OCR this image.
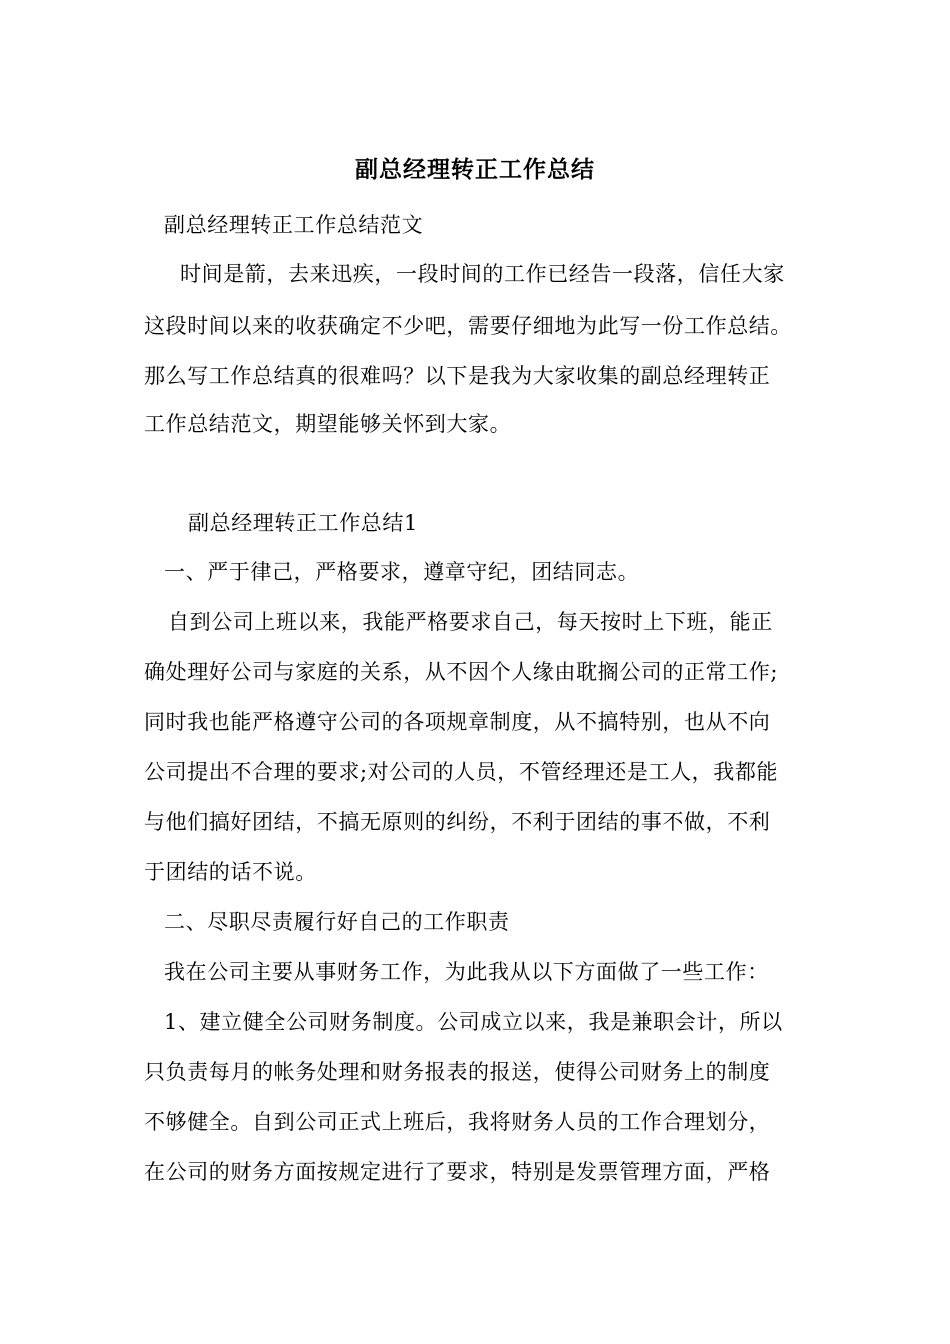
副总经理转正工作总结
副总经理转正工作总结范文
时间是箭，去来迅疾，一段时间的工作已经告一段落，信任大家
这段时间以来的收获确定不少吧，需要仔细地为此写一份工作总结。
那么写工作总结真的很难吗？以下是我为大家收集的副总经理转正
工作总结范文，期望能够关怀到大家。
副总经理转正工作总结1
一、严于律己，严格要求，遵章守纪，团结同志。
自到公司上班以来，我能严格要求自己，每天按时上下班，能正
确处理好公司与家庭的关系，从不因个人缘由耽搁公司的正常工作;
同时我也能严格遵守公司的各项规章制度，从不搞特别，也从不向
公司提出不合理的要求;对公司的人员，不管经理还是工人，我都能
与他们搞好团结，不搞无原则的纠纷，不利于团结的事不做，不利
于团结的话不说。
二、尽职尽责履行好自己的工作职责
我在公司主要从事财务工作，为此我从以下方面做了一些工作：
1、建立健全公司财务制度。公司成立以来，我是兼职会计，所以
只负责每月的帐务处理和财务报表的报送，使得公司财务上的制度
不够健全。自到公司正式上班后，我将财务人员的工作合理划分，
在公司的财务方面按规定进行了要求，特别是发票管理方面，严格
